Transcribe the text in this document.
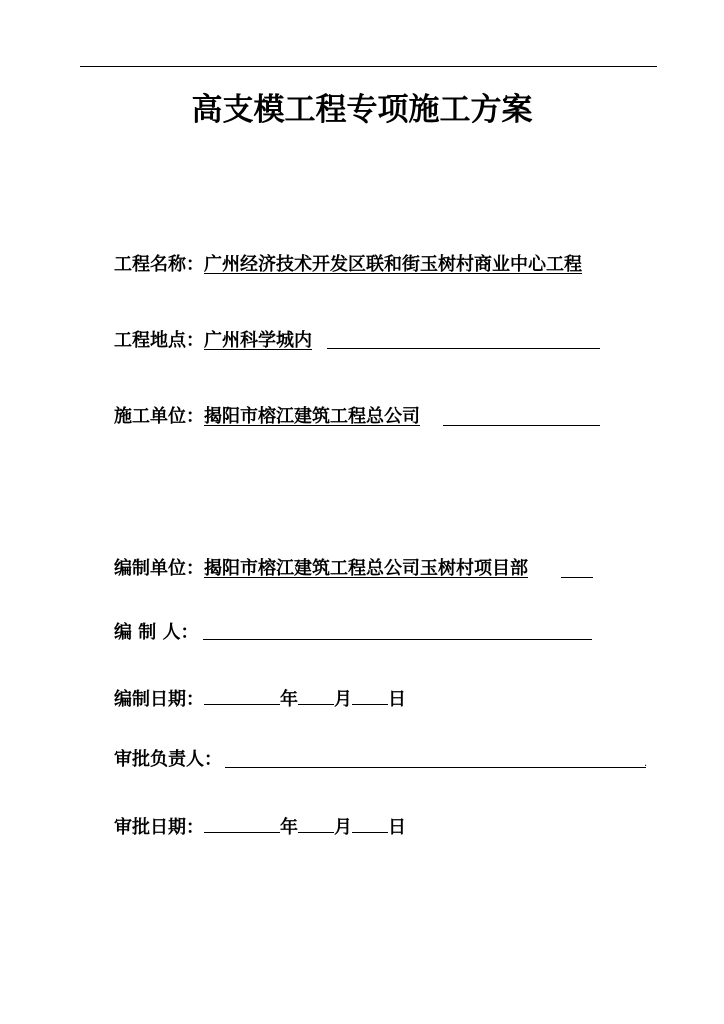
高支模工程专项施工方案
工程名称：广州经济技术开发区联和街玉树村商业中心工程
工程地点：广州科学城内
施工单位：揭阳市榕江建筑工程总公司
编制单位：揭阳市榕江建筑工程总公司玉树村项目部
编 制 人：
编制日期：	年 月 日
审批负责人：	.
审批日期：	年 月 日
